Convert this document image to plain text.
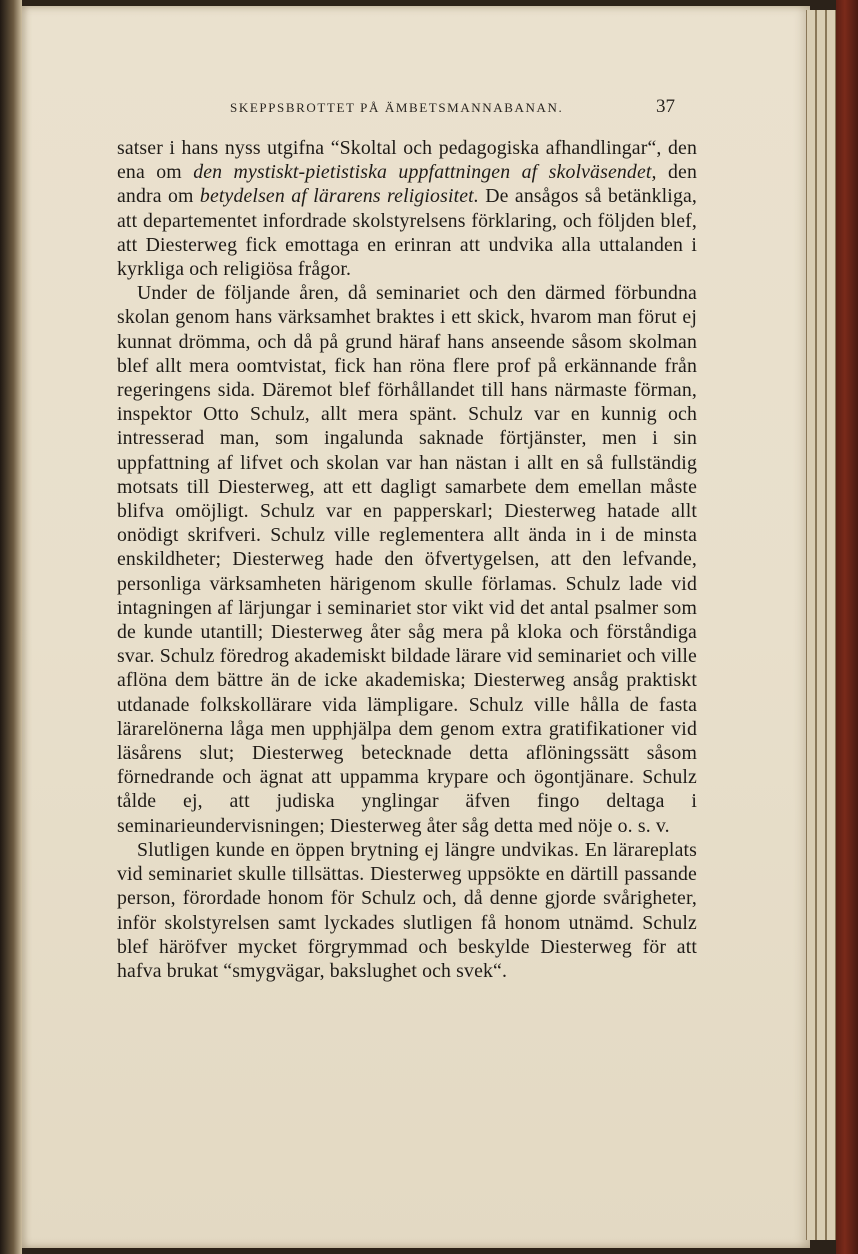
SKEPPSBROTTET PÅ ÄMBETSMANNABANAN.	37

satser i hans nyss utgifna “Skoltal och pedagogiska afhandlingar“, den ena om den mystiskt-pietistiska uppfattningen af skolväsendet, den andra om betydelsen af lärarens religiositet. De ansågos så betänkliga, att departementet infordrade skolstyrelsens förklaring, och följden blef, att Diesterweg fick emottaga en erinran att undvika alla uttalanden i kyrkliga och religiösa frågor.

Under de följande åren, då seminariet och den därmed förbundna skolan genom hans värksamhet braktes i ett skick, hvarom man förut ej kunnat drömma, och då på grund häraf hans anseende såsom skolman blef allt mera oomtvistat, fick han röna flere prof på erkännande från regeringens sida. Däremot blef förhållandet till hans närmaste förman, inspektor Otto Schulz, allt mera spänt. Schulz var en kunnig och intresserad man, som ingalunda saknade förtjänster, men i sin uppfattning af lifvet och skolan var han nästan i allt en så fullständig motsats till Diesterweg, att ett dagligt samarbete dem emellan måste blifva omöjligt. Schulz var en papperskarl; Diesterweg hatade allt onödigt skrifveri. Schulz ville reglementera allt ända in i de minsta enskildheter; Diesterweg hade den öfvertygelsen, att den lefvande, personliga värksamheten härigenom skulle förlamas. Schulz lade vid intagningen af lärjungar i seminariet stor vikt vid det antal psalmer som de kunde utantill; Diesterweg åter såg mera på kloka och förståndiga svar. Schulz föredrog akademiskt bildade lärare vid seminariet och ville aflöna dem bättre än de icke akademiska; Diesterweg ansåg praktiskt utdanade folkskollärare vida lämpligare. Schulz ville hålla de fasta lärarelönerna låga men upphjälpa dem genom extra gratifikationer vid läsårens slut; Diesterweg betecknade detta aflöningssätt såsom förnedrande och ägnat att uppamma krypare och ögontjänare. Schulz tålde ej, att judiska ynglingar äfven fingo deltaga i seminarieundervisningen; Diesterweg åter såg detta med nöje o. s. v.

Slutligen kunde en öppen brytning ej längre undvikas. En lärareplats vid seminariet skulle tillsättas. Diesterweg uppsökte en därtill passande person, förordade honom för Schulz och, då denne gjorde svårigheter, inför skolstyrelsen samt lyckades slutligen få honom utnämd. Schulz blef häröfver mycket förgrymmad och beskylde Diesterweg för att hafva brukat “smygvägar, bakslughet och svek“.
